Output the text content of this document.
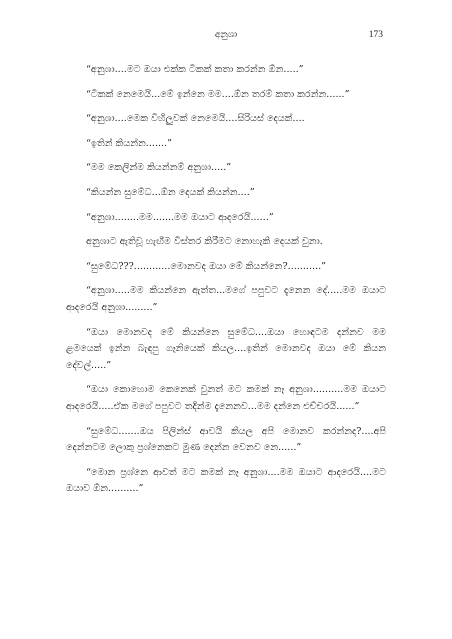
අනුශා	173

“අනුශා....මට ඔයා එක්ක ටිකක් කතා කරන්න ඕන.....”

“ටිකක් නෙමෙයි...මේ ඉන්නෙ මම....ඕන තරම් කතා කරන්න......”

“අනුශා....මෙක විහිලුවක් නෙමෙයි....සිරියස් දෙයක්....

“ඉතින් කියන්න.......”

“මම කෙලින්ම කියන්නම් අනුශා.....”

“කියන්න සුමේධ...ඕන දෙයක් කියන්න....”

“අනුශා........මම.......මම ඔයාට ආදරෙයි......”

අනුශාට ඇතිවූ හැඟීම විස්තර කිරීමට නොහැකි දෙයක් වුනා.

“සුමේධ???............මොනවද ඔයා මේ කියන්නෙ?...........”

“අනුශා.....මම කියන්නෙ ඇත්ත...මගේ පපුවට දැනෙන දේ.....මම ඔයාට ආදරෙයි අනුශා.........”

“ඔයා මොනවද මේ කියන්නෙ සුමේධ....ඔයා හොඳටම දන්නව මම ළමයෙක් ඉන්න බැඳපු ගෑනියෙක් කියල....ඉතින් මොනවද ඔයා මේ කියන දේවල්.....”

“ඔයා කොහොම කෙනෙක් වුනත් මට කමක් නෑ අනුශා..........මම ඔයාට ආදරෙයි.....ඒක මගේ පපුවට තදින්ම දැනෙනව...මම දන්නෙ එච්චරයි......”

“සුමේධ.......ඔය පිලින්ස් ආවයි කියල අපි මොනව කරන්නද?....අපි දෙන්නටම ලොකු ප්‍රශ්නෙකට මුණ දෙන්න වෙනව නෙ......”

“මොන ප්‍රශ්නෙ ආවත් මට කමක් නෑ අනුශා....මම ඔයාට ආදරෙයි....මට ඔයාව ඕන..........”
